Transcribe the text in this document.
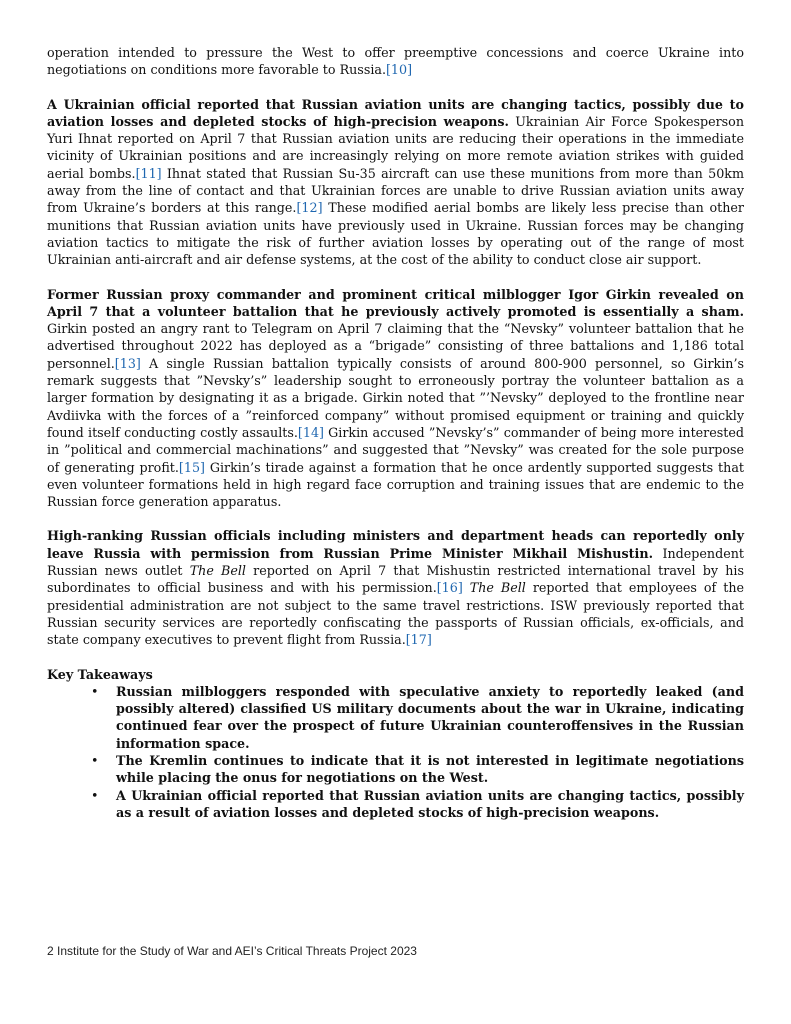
operation intended to pressure the West to offer preemptive concessions and coerce Ukraine into negotiations on conditions more favorable to Russia.[10]

A Ukrainian official reported that Russian aviation units are changing tactics, possibly due to aviation losses and depleted stocks of high-precision weapons. Ukrainian Air Force Spokesperson Yuri Ihnat reported on April 7 that Russian aviation units are reducing their operations in the immediate vicinity of Ukrainian positions and are increasingly relying on more remote aviation strikes with guided aerial bombs.[11] Ihnat stated that Russian Su-35 aircraft can use these munitions from more than 50km away from the line of contact and that Ukrainian forces are unable to drive Russian aviation units away from Ukraine’s borders at this range.[12] These modified aerial bombs are likely less precise than other munitions that Russian aviation units have previously used in Ukraine. Russian forces may be changing aviation tactics to mitigate the risk of further aviation losses by operating out of the range of most Ukrainian anti-aircraft and air defense systems, at the cost of the ability to conduct close air support.

Former Russian proxy commander and prominent critical milblogger Igor Girkin revealed on April 7 that a volunteer battalion that he previously actively promoted is essentially a sham. Girkin posted an angry rant to Telegram on April 7 claiming that the “Nevsky” volunteer battalion that he advertised throughout 2022 has deployed as a “brigade” consisting of three battalions and 1,186 total personnel.[13] A single Russian battalion typically consists of around 800-900 personnel, so Girkin’s remark suggests that ”Nevsky’s” leadership sought to erroneously portray the volunteer battalion as a larger formation by designating it as a brigade. Girkin noted that ”’Nevsky” deployed to the frontline near Avdiivka with the forces of a ”reinforced company” without promised equipment or training and quickly found itself conducting costly assaults.[14] Girkin accused ”Nevsky’s” commander of being more interested in ”political and commercial machinations” and suggested that ”Nevsky” was created for the sole purpose of generating profit.[15] Girkin’s tirade against a formation that he once ardently supported suggests that even volunteer formations held in high regard face corruption and training issues that are endemic to the Russian force generation apparatus.

High-ranking Russian officials including ministers and department heads can reportedly only leave Russia with permission from Russian Prime Minister Mikhail Mishustin. Independent Russian news outlet The Bell reported on April 7 that Mishustin restricted international travel by his subordinates to official business and with his permission.[16] The Bell reported that employees of the presidential administration are not subject to the same travel restrictions. ISW previously reported that Russian security services are reportedly confiscating the passports of Russian officials, ex-officials, and state company executives to prevent flight from Russia.[17]

Key Takeaways
• Russian milbloggers responded with speculative anxiety to reportedly leaked (and possibly altered) classified US military documents about the war in Ukraine, indicating continued fear over the prospect of future Ukrainian counteroffensives in the Russian information space.
• The Kremlin continues to indicate that it is not interested in legitimate negotiations while placing the onus for negotiations on the West.
• A Ukrainian official reported that Russian aviation units are changing tactics, possibly as a result of aviation losses and depleted stocks of high-precision weapons.
2 Institute for the Study of War and AEI’s Critical Threats Project 2023
